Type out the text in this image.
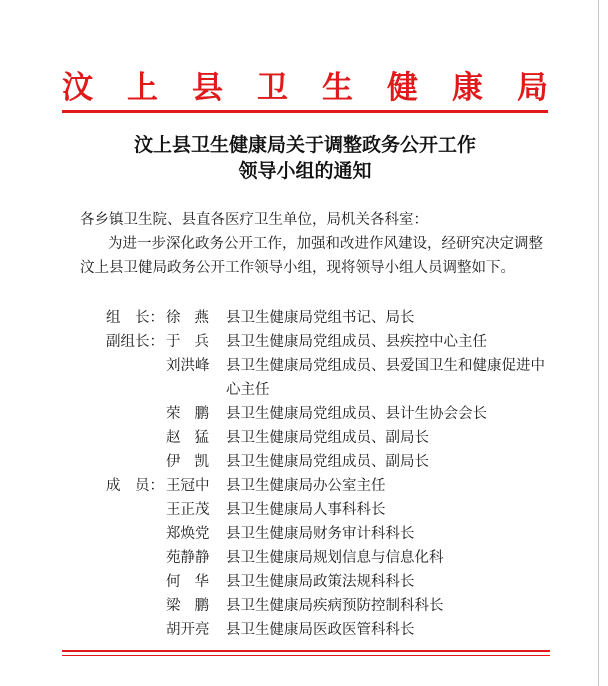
汶 上 县 卫 生 健 康 局
汶上县卫生健康局关于调整政务公开工作
领导小组的通知
各乡镇卫生院、县直各医疗卫生单位，局机关各科室：
为进一步深化政务公开工作，加强和改进作风建设，经研究决定调整汶上县卫健局政务公开工作领导小组，现将领导小组人员调整如下。
组　长： 徐燕 县卫生健康局党组书记、局长
副组长： 于兵 县卫生健康局党组成员、县疾控中心主任
刘洪峰	县卫生健康局党组成员、县爱国卫生和健康促进中心主任
荣鹏 县卫生健康局党组成员、县计生协会会长
赵猛 县卫生健康局党组成员、副局长
伊凯 县卫生健康局党组成员、副局长
成　员： 王冠中	县卫生健康局办公室主任
王正茂	县卫生健康局人事科科长
郑焕党	县卫生健康局财务审计科科长
苑静静	县卫生健康局规划信息与信息化科
何华 县卫生健康局政策法规科科长
梁鹏 县卫生健康局疾病预防控制科科长
胡开亮	县卫生健康局医政医管科科长
